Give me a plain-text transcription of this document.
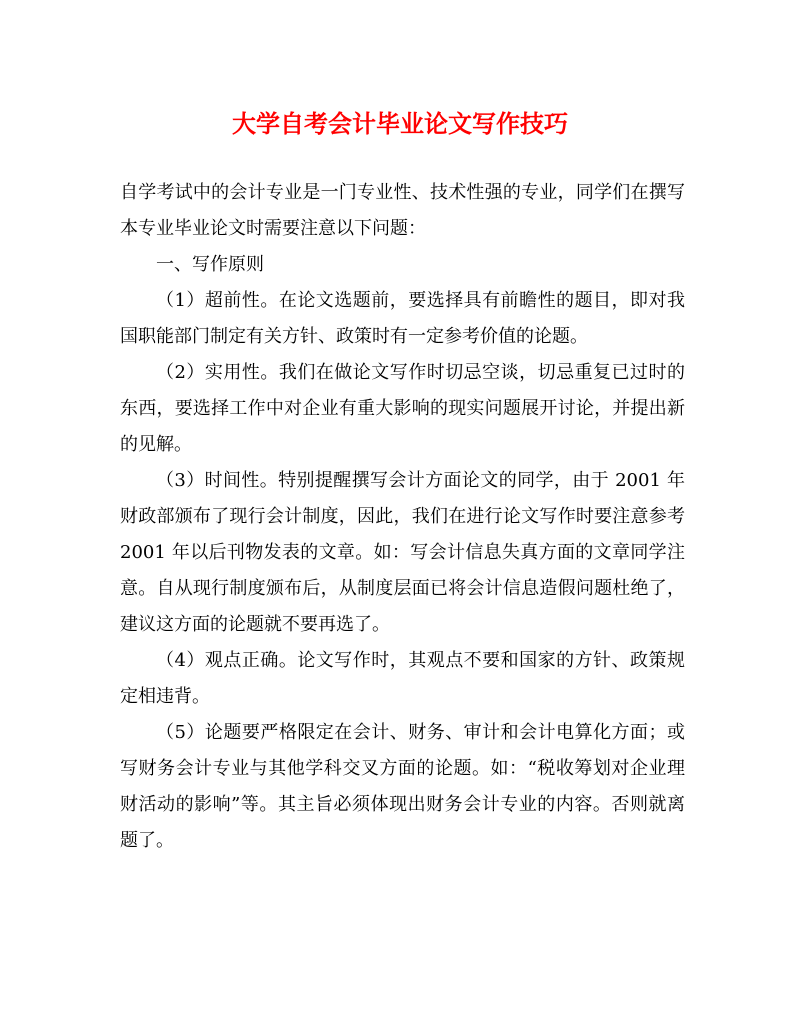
大学自考会计毕业论文写作技巧

自学考试中的会计专业是一门专业性、技术性强的专业，同学们在撰写本专业毕业论文时需要注意以下问题：

一、写作原则

（1）超前性。在论文选题前，要选择具有前瞻性的题目，即对我国职能部门制定有关方针、政策时有一定参考价值的论题。

（2）实用性。我们在做论文写作时切忌空谈，切忌重复已过时的东西，要选择工作中对企业有重大影响的现实问题展开讨论，并提出新的见解。

（3）时间性。特别提醒撰写会计方面论文的同学，由于 2001 年财政部颁布了现行会计制度，因此，我们在进行论文写作时要注意参考 2001 年以后刊物发表的文章。如：写会计信息失真方面的文章同学注意。自从现行制度颁布后，从制度层面已将会计信息造假问题杜绝了，建议这方面的论题就不要再选了。

（4）观点正确。论文写作时，其观点不要和国家的方针、政策规定相违背。

（5）论题要严格限定在会计、财务、审计和会计电算化方面；或写财务会计专业与其他学科交叉方面的论题。如：“税收筹划对企业理财活动的影响”等。其主旨必须体现出财务会计专业的内容。否则就离题了。
